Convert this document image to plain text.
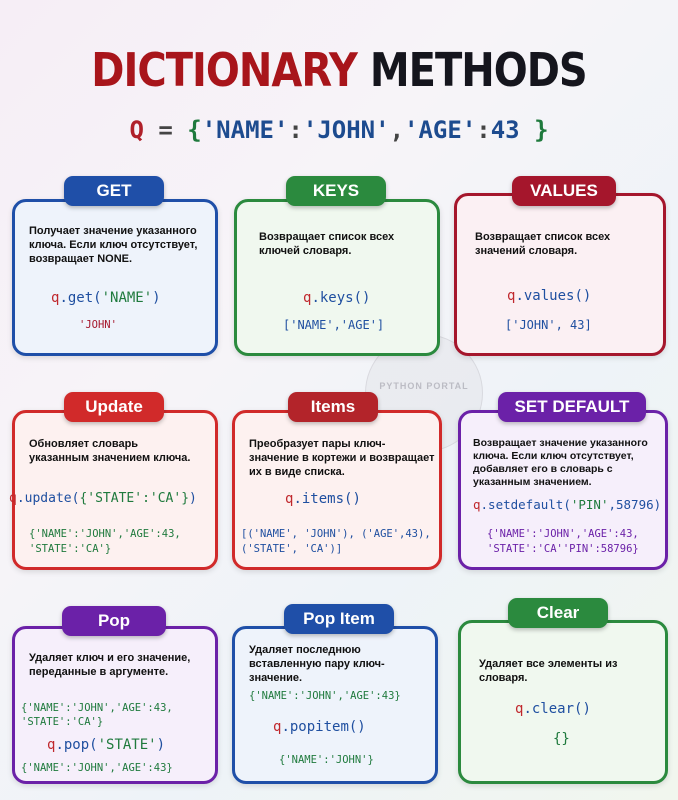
DICTIONARY METHODS
Q = {'NAME':'JOHN','AGE':43 }
PYTHON PORTAL
Получает значение указанного ключа. Если ключ отсутствует, возвращает NONE.
q.get('NAME')
'JOHN'
GET
Возвращает список всех ключей словаря.
q.keys()
['NAME','AGE']
KEYS
Возвращает список всех значений словаря.
q.values()
['JOHN', 43]
VALUES
Обновляет словарь указанным значением ключа.
q.update({'STATE':'CA'})
{'NAME':'JOHN','AGE':43,
'STATE':'CA'}
Update
Преобразует пары ключ-значение в кортежи и возвращает их в виде списка.
q.items()
[('NAME', 'JOHN'), ('AGE',43),
('STATE', 'CA')]
Items
Возвращает значение указанного ключа. Если ключ отсутствует, добавляет его в словарь с указанным значением.
q.setdefault('PIN',58796)
{'NAME':'JOHN','AGE':43,
'STATE':'CA''PIN':58796}
SET DEFAULT
Удаляет ключ и его значение, переданные в аргументе.
{'NAME':'JOHN','AGE':43,
'STATE':'CA'}
q.pop('STATE')
{'NAME':'JOHN','AGE':43}
Pop
Удаляет последнюю вставленную пару ключ-значение.
{'NAME':'JOHN','AGE':43}
q.popitem()
{'NAME':'JOHN'}
Pop Item
Удаляет все элементы из словаря.
q.clear()
{}
Clear
